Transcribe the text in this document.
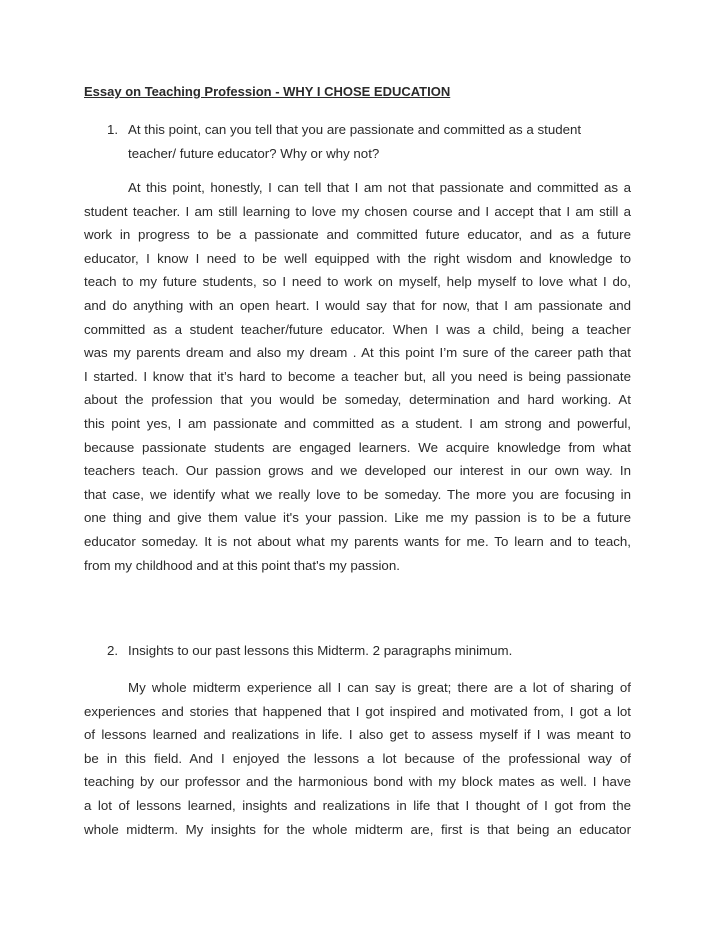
Essay on Teaching Profession - WHY I CHOSE EDUCATION
1. At this point, can you tell that you are passionate and committed as a student
teacher/ future educator? Why or why not?
At this point, honestly, I can tell that I am not that passionate and committed as a
student teacher. I am still learning to love my chosen course and I accept that I am still a
work in progress to be a passionate and committed future educator, and as a future
educator, I know I need to be well equipped with the right wisdom and knowledge to
teach to my future students, so I need to work on myself, help myself to love what I do,
and do anything with an open heart. I would say that for now, that I am passionate and
committed as a student teacher/future educator. When I was a child, being a teacher
was my parents dream and also my dream . At this point I’m sure of the career path that
I started. I know that it’s hard to become a teacher but, all you need is being passionate
about the profession that you would be someday, determination and hard working. At
this point yes, I am passionate and committed as a student. I am strong and powerful,
because passionate students are engaged learners. We acquire knowledge from what
teachers teach. Our passion grows and we developed our interest in our own way. In
that case, we identify what we really love to be someday. The more you are focusing in
one thing and give them value it's your passion. Like me my passion is to be a future
educator someday. It is not about what my parents wants for me. To learn and to teach,
from my childhood and at this point that's my passion.
2. Insights to our past lessons this Midterm. 2 paragraphs minimum.
My whole midterm experience all I can say is great; there are a lot of sharing of
experiences and stories that happened that I got inspired and motivated from, I got a lot
of lessons learned and realizations in life. I also get to assess myself if I was meant to
be in this field. And I enjoyed the lessons a lot because of the professional way of
teaching by our professor and the harmonious bond with my block mates as well. I have
a lot of lessons learned, insights and realizations in life that I thought of I got from the
whole midterm. My insights for the whole midterm are, first is that being an educator
